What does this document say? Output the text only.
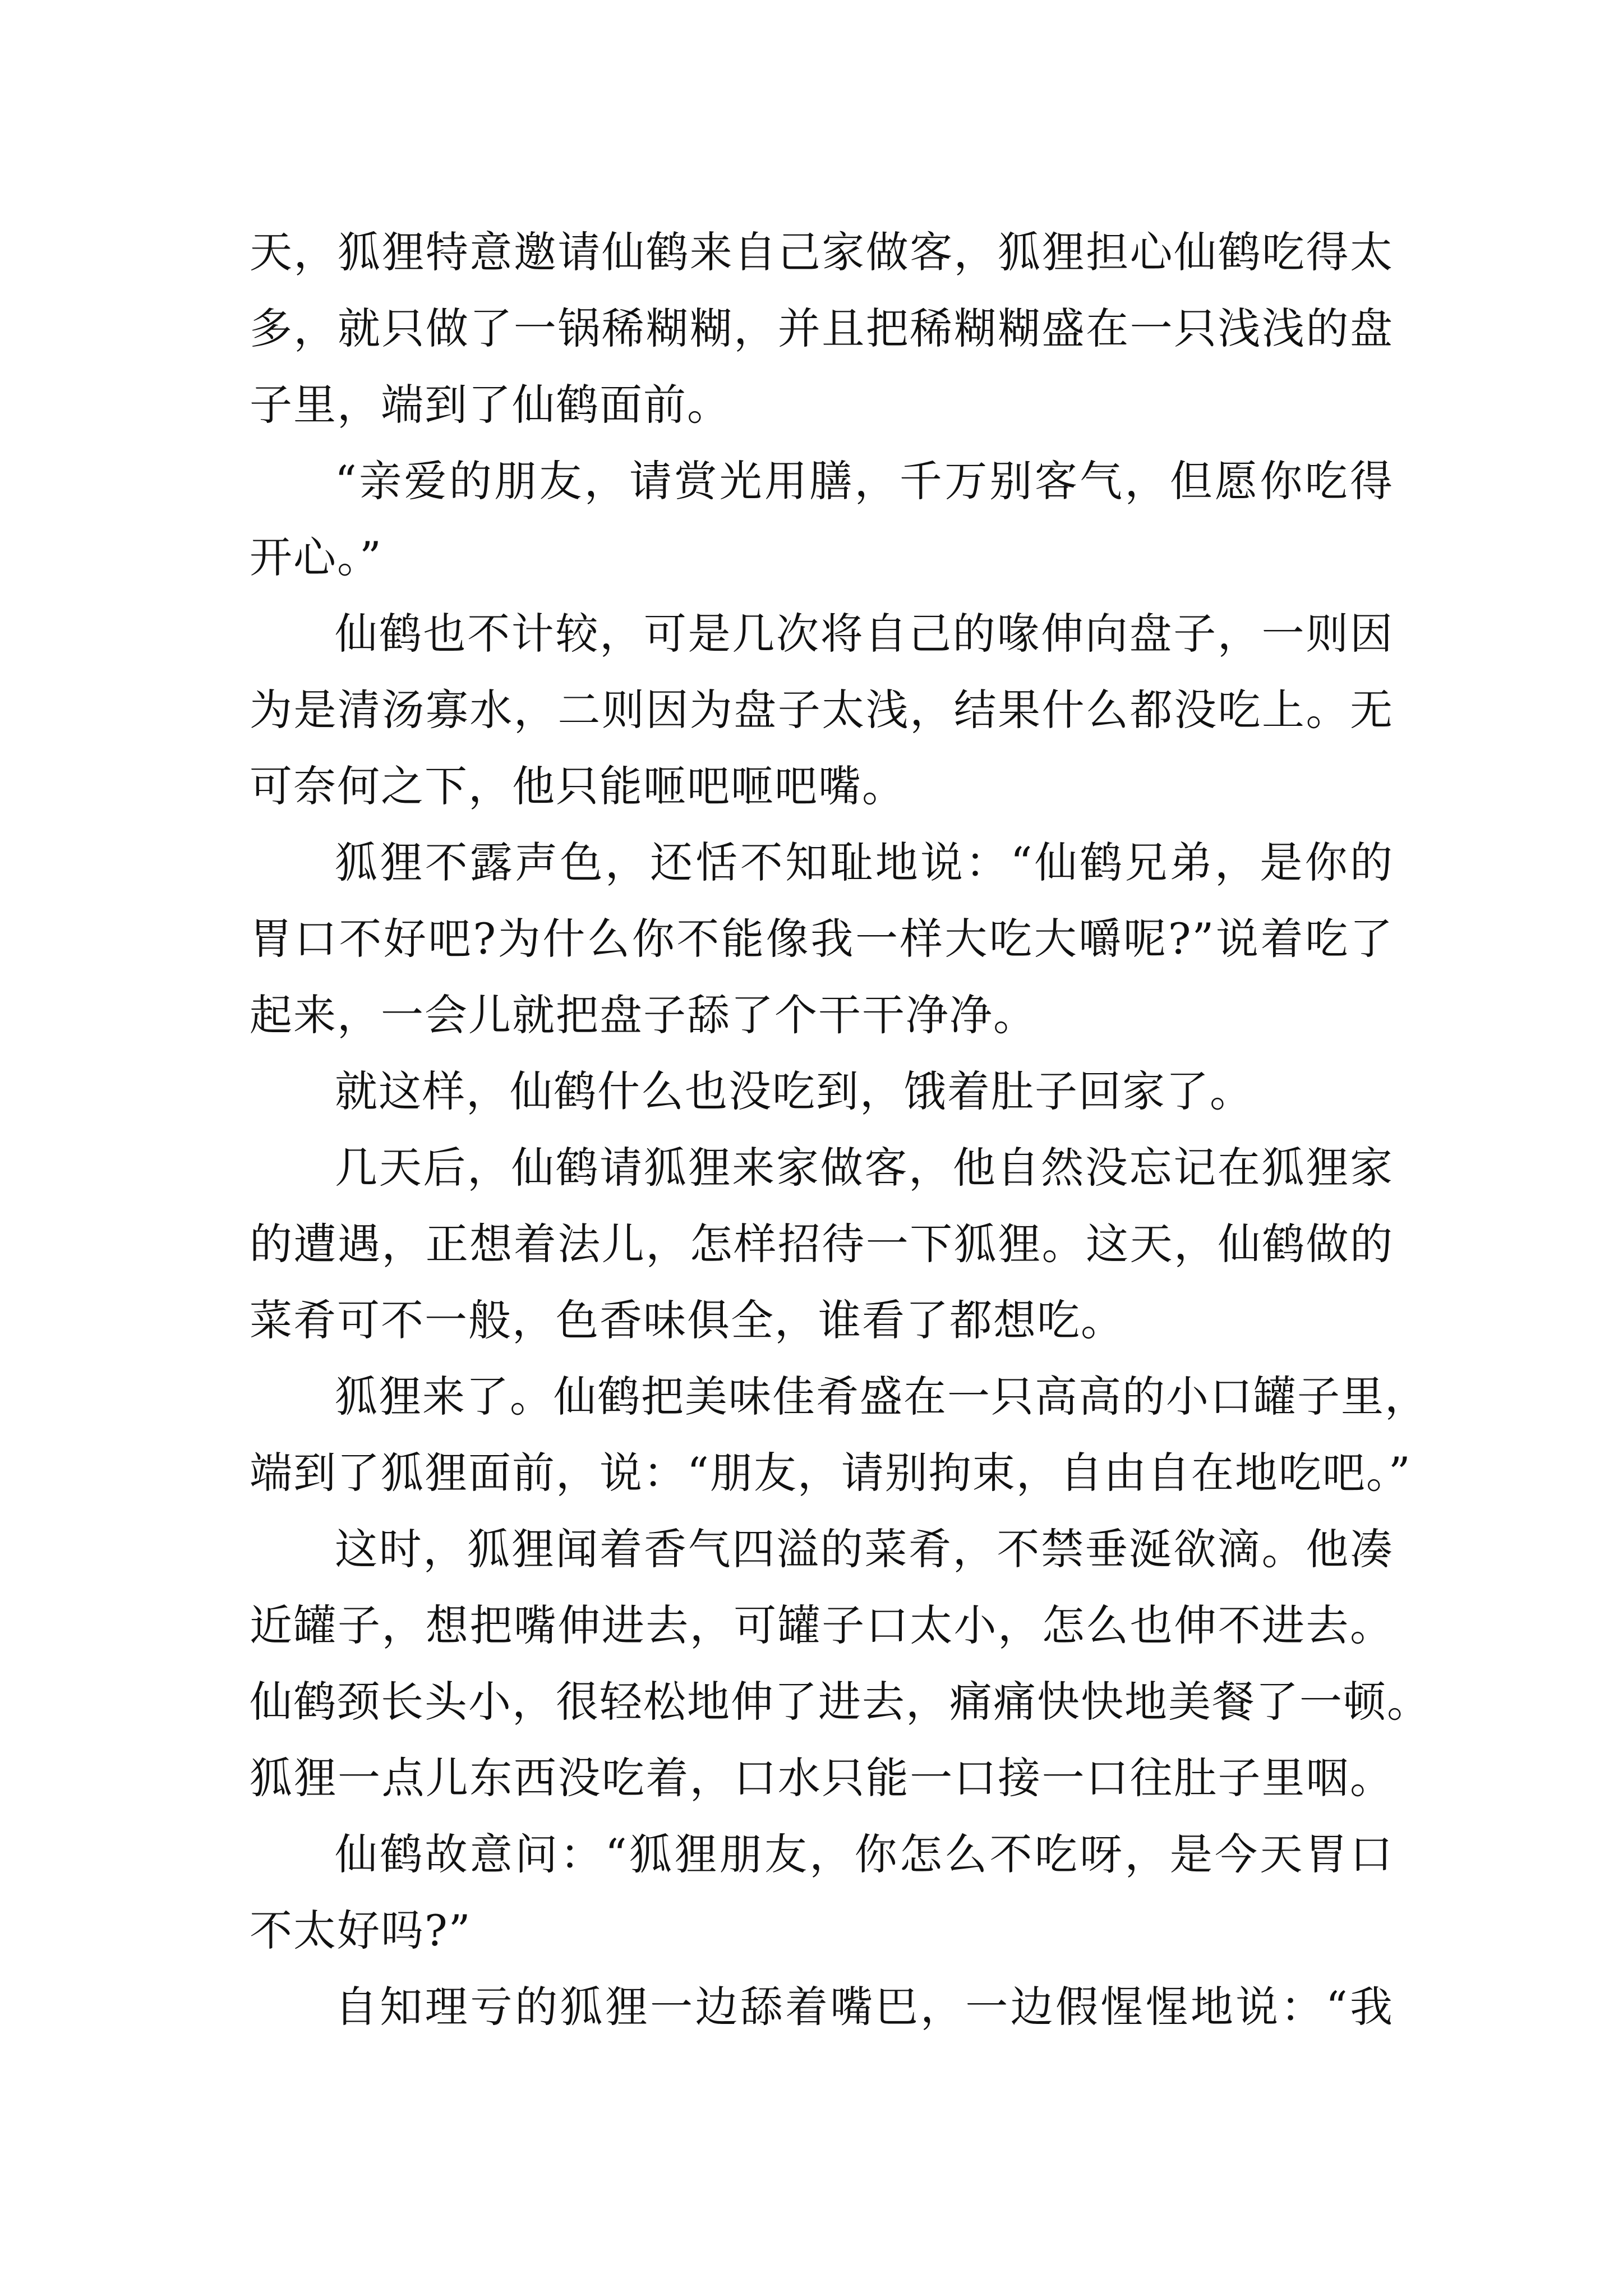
天，狐狸特意邀请仙鹤来自己家做客，狐狸担心仙鹤吃得太
多，就只做了一锅稀糊糊，并且把稀糊糊盛在一只浅浅的盘
子里，端到了仙鹤面前。
“亲爱的朋友，请赏光用膳，千万别客气，但愿你吃得
开心。”
仙鹤也不计较，可是几次将自己的喙伸向盘子，一则因
为是清汤寡水，二则因为盘子太浅，结果什么都没吃上。无
可奈何之下，他只能咂吧咂吧嘴。
狐狸不露声色，还恬不知耻地说：“仙鹤兄弟，是你的
胃口不好吧?为什么你不能像我一样大吃大嚼呢?”说着吃了
起来，一会儿就把盘子舔了个干干净净。
就这样，仙鹤什么也没吃到，饿着肚子回家了。
几天后，仙鹤请狐狸来家做客，他自然没忘记在狐狸家
的遭遇，正想着法儿，怎样招待一下狐狸。这天，仙鹤做的
菜肴可不一般，色香味俱全，谁看了都想吃。
狐狸来了。仙鹤把美味佳肴盛在一只高高的小口罐子里，
端到了狐狸面前，说：“朋友，请别拘束，自由自在地吃吧。”
这时，狐狸闻着香气四溢的菜肴，不禁垂涎欲滴。他凑
近罐子，想把嘴伸进去，可罐子口太小，怎么也伸不进去。
仙鹤颈长头小，很轻松地伸了进去，痛痛快快地美餐了一顿。
狐狸一点儿东西没吃着，口水只能一口接一口往肚子里咽。
仙鹤故意问：“狐狸朋友，你怎么不吃呀，是今天胃口
不太好吗?”
自知理亏的狐狸一边舔着嘴巴，一边假惺惺地说：“我
